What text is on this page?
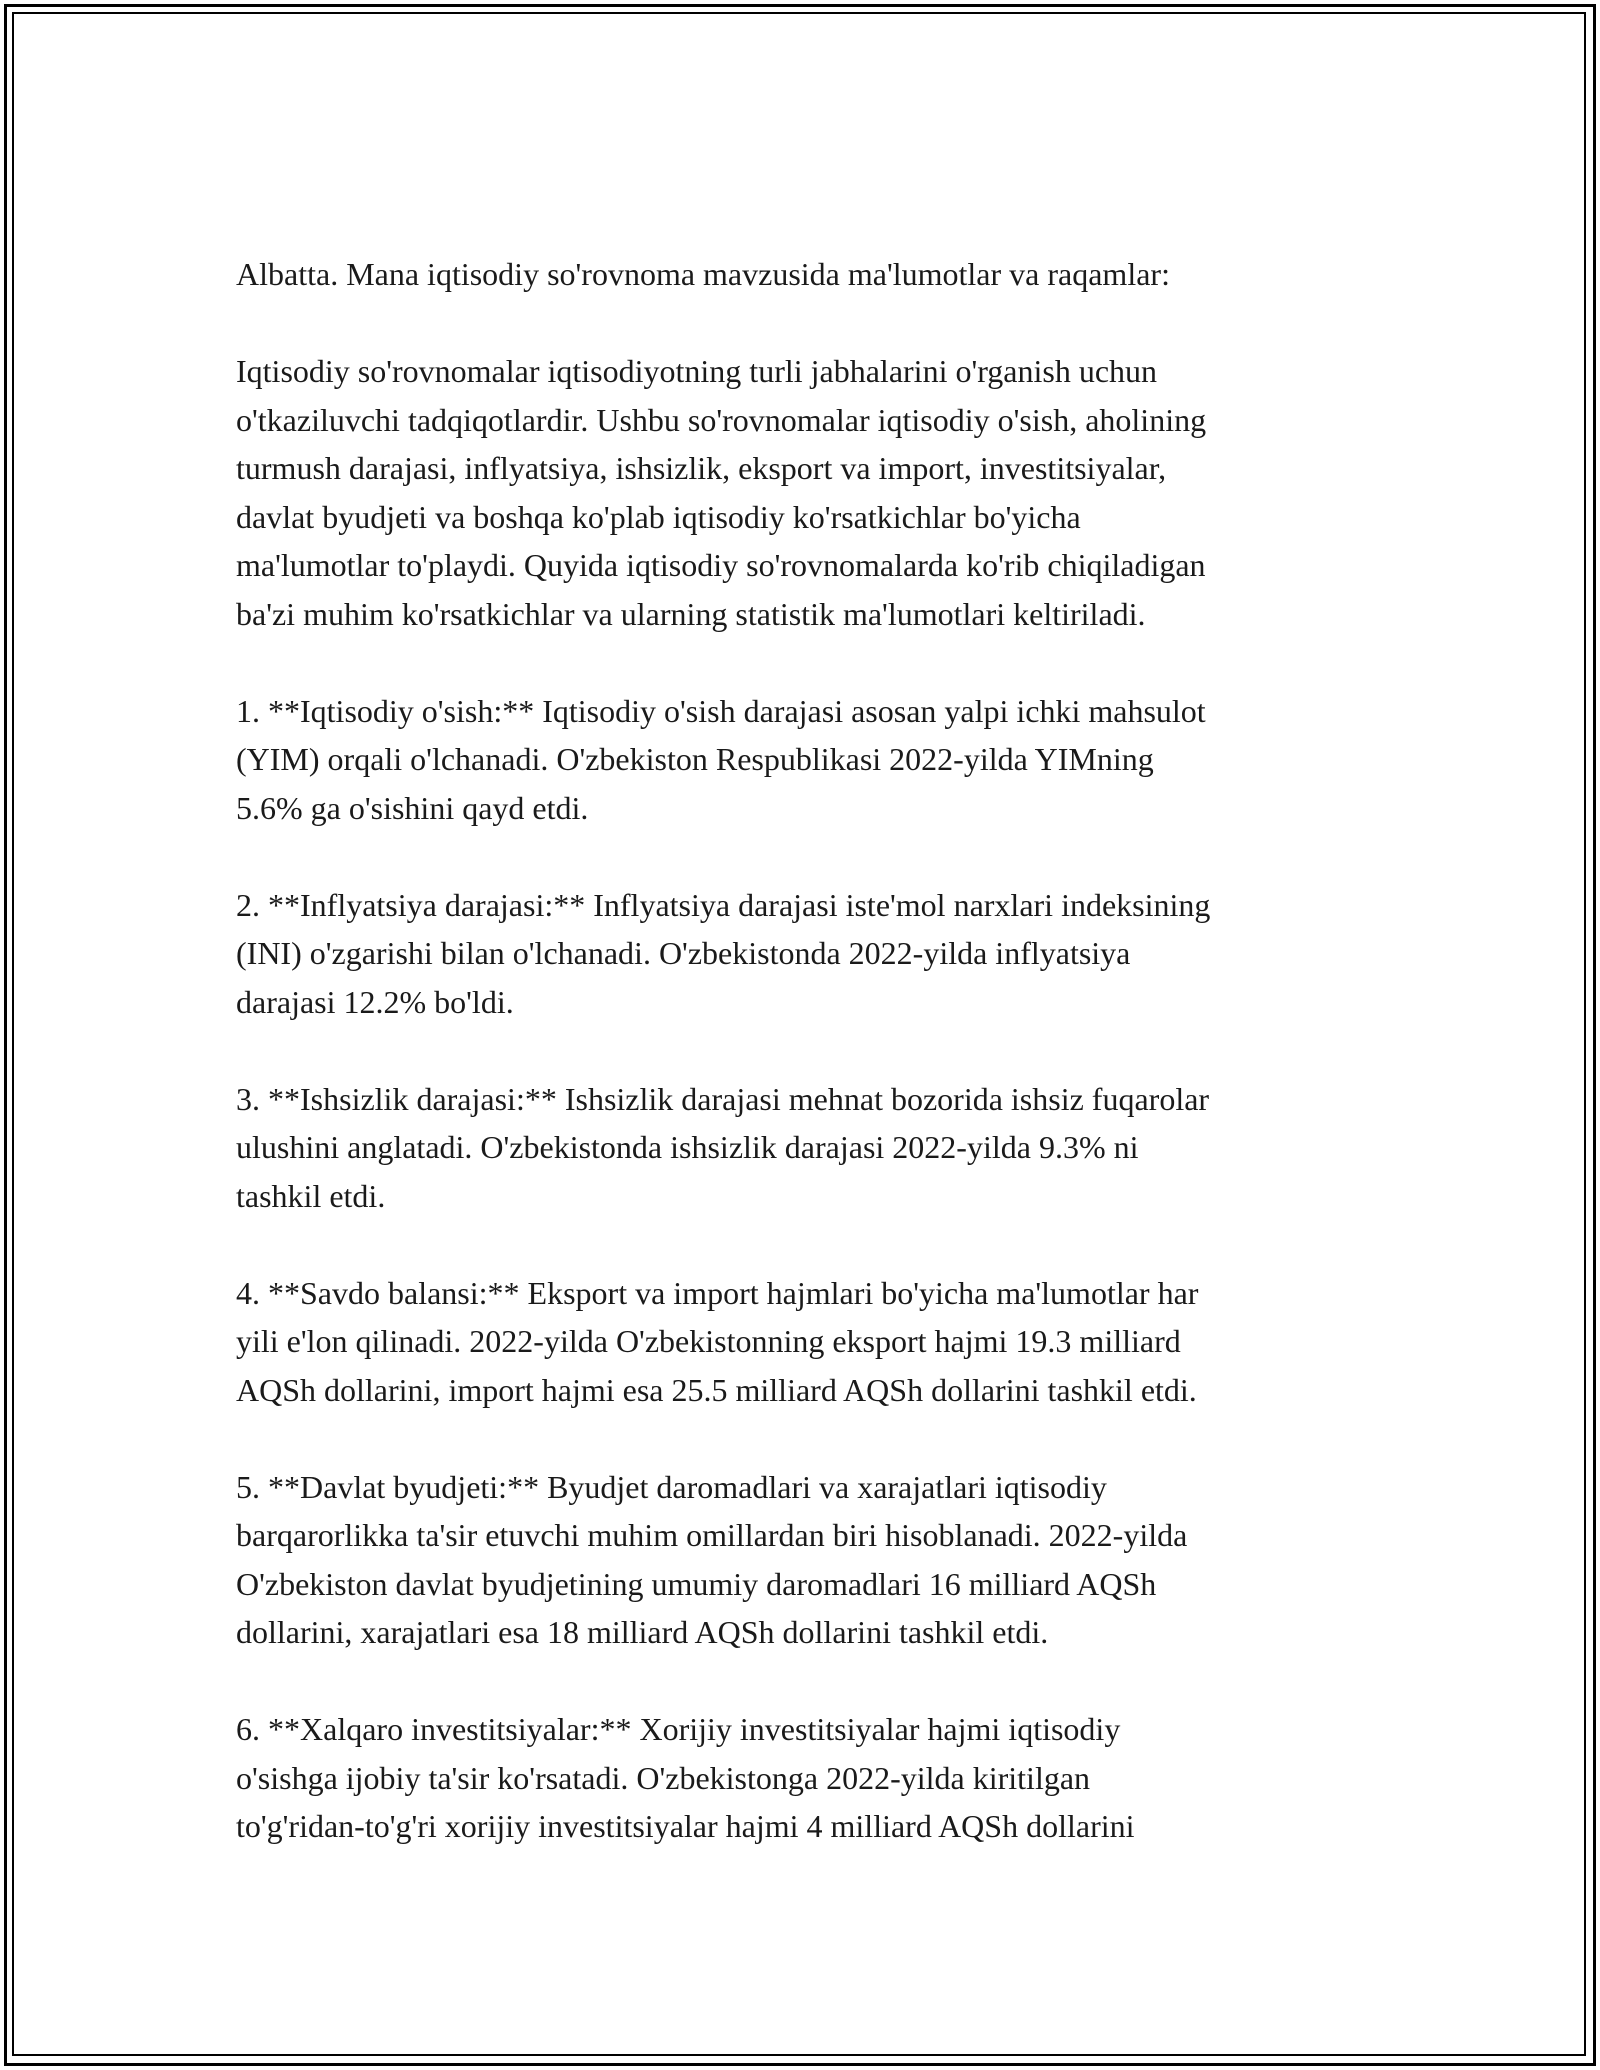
Albatta. Mana iqtisodiy so'rovnoma mavzusida ma'lumotlar va raqamlar:

Iqtisodiy so'rovnomalar iqtisodiyotning turli jabhalarini o'rganish uchun
o'tkaziluvchi tadqiqotlardir. Ushbu so'rovnomalar iqtisodiy o'sish, aholining
turmush darajasi, inflyatsiya, ishsizlik, eksport va import, investitsiyalar,
davlat byudjeti va boshqa ko'plab iqtisodiy ko'rsatkichlar bo'yicha
ma'lumotlar to'playdi. Quyida iqtisodiy so'rovnomalarda ko'rib chiqiladigan
ba'zi muhim ko'rsatkichlar va ularning statistik ma'lumotlari keltiriladi.

1. **Iqtisodiy o'sish:** Iqtisodiy o'sish darajasi asosan yalpi ichki mahsulot
(YIM) orqali o'lchanadi. O'zbekiston Respublikasi 2022-yilda YIMning
5.6% ga o'sishini qayd etdi.

2. **Inflyatsiya darajasi:** Inflyatsiya darajasi iste'mol narxlari indeksining
(INI) o'zgarishi bilan o'lchanadi. O'zbekistonda 2022-yilda inflyatsiya
darajasi 12.2% bo'ldi.

3. **Ishsizlik darajasi:** Ishsizlik darajasi mehnat bozorida ishsiz fuqarolar
ulushini anglatadi. O'zbekistonda ishsizlik darajasi 2022-yilda 9.3% ni
tashkil etdi.

4. **Savdo balansi:** Eksport va import hajmlari bo'yicha ma'lumotlar har
yili e'lon qilinadi. 2022-yilda O'zbekistonning eksport hajmi 19.3 milliard
AQSh dollarini, import hajmi esa 25.5 milliard AQSh dollarini tashkil etdi.

5. **Davlat byudjeti:** Byudjet daromadlari va xarajatlari iqtisodiy
barqarorlikka ta'sir etuvchi muhim omillardan biri hisoblanadi. 2022-yilda
O'zbekiston davlat byudjetining umumiy daromadlari 16 milliard AQSh
dollarini, xarajatlari esa 18 milliard AQSh dollarini tashkil etdi.

6. **Xalqaro investitsiyalar:** Xorijiy investitsiyalar hajmi iqtisodiy
o'sishga ijobiy ta'sir ko'rsatadi. O'zbekistonga 2022-yilda kiritilgan
to'g'ridan-to'g'ri xorijiy investitsiyalar hajmi 4 milliard AQSh dollarini
